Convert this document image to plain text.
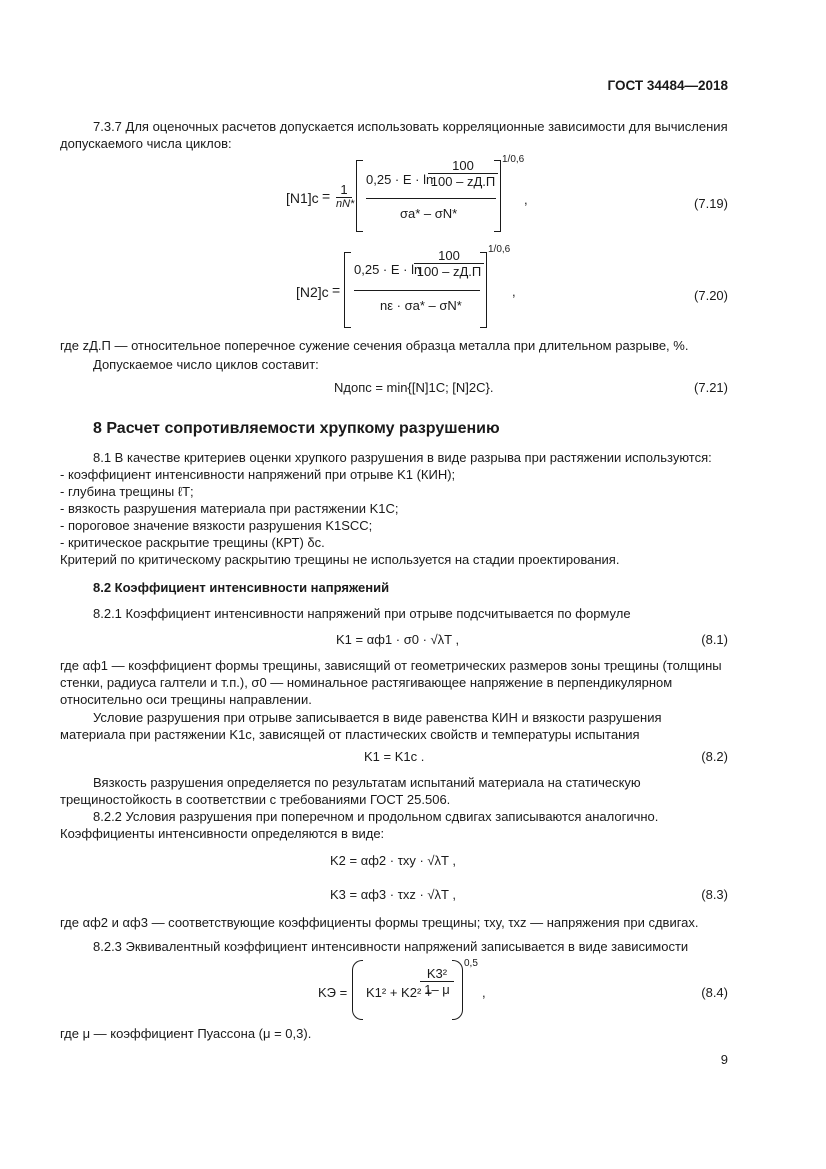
ГОСТ 34484—2018
7.3.7 Для оценочных расчетов допускается использовать корреляционные зависимости для вычисления допускаемого числа циклов:
[N1]c = 1
nN*
0,25 · E · ln
100
100 – zД.П
σa* – σN*
1/0,6
,	(7.19)
[N2]c =
0,25 · E · ln
100
100 – zД.П
nε · σa* – σN*
1/0,6
,	(7.20)
где zД.П — относительное поперечное сужение сечения образца металла при длительном разрыве, %.
Допускаемое число циклов составит:
Nдопc = min{[N]1C; [N]2C}.	(7.21)
8 Расчет сопротивляемости хрупкому разрушению
8.1 В качестве критериев оценки хрупкого разрушения в виде разрыва при растяжении используются:
- коэффициент интенсивности напряжений при отрыве K1 (КИН);
- глубина трещины ℓТ;
- вязкость разрушения материала при растяжении K1C;
- пороговое значение вязкости разрушения K1SCC;
- критическое раскрытие трещины (КРТ) δc.
Критерий по критическому раскрытию трещины не используется на стадии проектирования.
8.2 Коэффициент интенсивности напряжений
8.2.1 Коэффициент интенсивности напряжений при отрыве подсчитывается по формуле
K1 = αф1 · σ0 · √λT ,	(8.1)
где αф1 — коэффициент формы трещины, зависящий от геометрических размеров зоны трещины (толщины стенки, радиуса галтели и т.п.), σ0 — номинальное растягивающее напряжение в перпендикулярном относительно оси трещины направлении.
Условие разрушения при отрыве записывается в виде равенства КИН и вязкости разрушения материала при растяжении K1c, зависящей от пластических свойств и температуры испытания
K1 = K1c .	(8.2)
Вязкость разрушения определяется по результатам испытаний материала на статическую трещиностойкость в соответствии с требованиями ГОСТ 25.506.
8.2.2 Условия разрушения при поперечном и продольном сдвигах записываются аналогично. Коэффициенты интенсивности определяются в виде:
K2 = αф2 · τxy · √λT ,
K3 = αф3 · τxz · √λT ,	(8.3)
где αф2 и αф3 — соответствующие коэффициенты формы трещины; τxy, τxz — напряжения при сдвигах.
8.2.3 Эквивалентный коэффициент интенсивности напряжений записывается в виде зависимости
KЭ = K1² + K2² +
K3²
1– μ
0,5
,	(8.4)
где μ — коэффициент Пуассона (μ = 0,3).
9
